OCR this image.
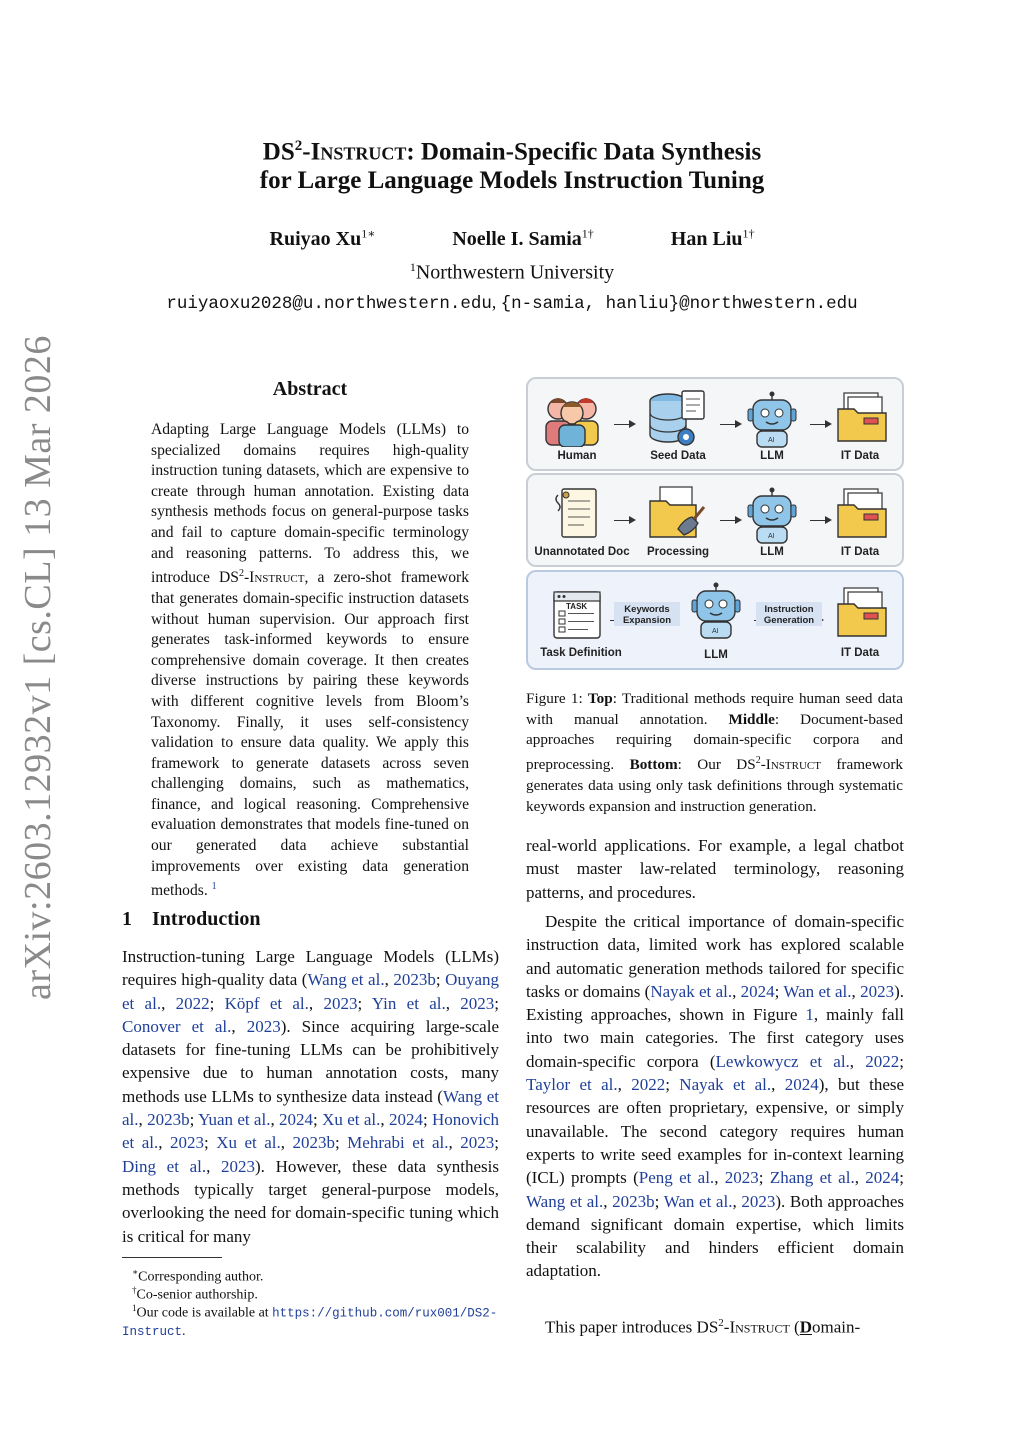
arXiv:2603.12932v1 [cs.CL] 13 Mar 2026
$DS^2$-Instruct: Domain-Specific Data Synthesis
for Large Language Models Instruction Tuning
Ruiyao $Xu^{1∗}$	Noelle I. Samia$^{1\dagger}$	Han Liu$^{1\dagger}$
$^1$Northwestern University
ruiyaoxu2028@u.northwestern.edu, {n-samia, hanliu}@northwestern.edu
Abstract
Adapting Large Language Models (LLMs) to specialized domains requires high-quality instruction tuning datasets, which are expensive to create through human annotation. Existing data synthesis methods focus on general-purpose tasks and fail to capture domain-specific terminology and reasoning patterns. To address this, we introduce $DS^2$-Instruct, a zero-shot framework that generates domain-specific instruction datasets without human supervision. Our approach first generates task-informed keywords to ensure comprehensive domain coverage. It then creates diverse instructions by pairing these keywords with different cognitive levels from Bloom’s Taxonomy. Finally, it uses self-consistency validation to ensure data quality. We apply this framework to generate datasets across seven challenging domains, such as mathematics, finance, and logical reasoning. Comprehensive evaluation demonstrates that models fine-tuned on our generated data achieve substantial improvements over existing data generation methods. $^1$
1 Introduction
Instruction-tuning Large Language Models (LLMs) requires high-quality data (Wang et al., 2023b; Ouyang et al., 2022; Köpf et al., 2023; Yin et al., 2023; Conover et al., 2023). Since acquiring large-scale datasets for fine-tuning LLMs can be prohibitively expensive due to human annotation costs, many methods use LLMs to synthesize data instead (Wang et al., 2023b; Yuan et al., 2024; Xu et al., 2024; Honovich et al., 2023; Xu et al., 2023b; Mehrabi et al., 2023; Ding et al., 2023). However, these data synthesis methods typically target general-purpose models, overlooking the need for domain-specific tuning which is critical for many
∗Corresponding author.
†Co-senior authorship.
$^1$Our code is available at https://github.com/rux001/DS2-Instruct.
AI
Human	Seed Data	LLM	IT Data
AI
Unannotated Doc	Processing	LLM	IT Data
TASK	Keywords
Expansion
AI
Instruction
Generation
Task Definition	LLM	IT Data
Figure 1: Top: Traditional methods require human seed data with manual annotation. Middle: Document-based approaches requiring domain-specific corpora and preprocessing. Bottom: Our $DS^2$-Instruct framework generates data using only task definitions through systematic keywords expansion and instruction generation.
real-world applications. For example, a legal chatbot must master law-related terminology, reasoning patterns, and procedures.
Despite the critical importance of domain-specific instruction data, limited work has explored scalable and automatic generation methods tailored for specific tasks or domains (Nayak et al., 2024; Wan et al., 2023). Existing approaches, shown in Figure 1, mainly fall into two main categories. The first category uses domain-specific corpora (Lewkowycz et al., 2022; Taylor et al., 2022; Nayak et al., 2024), but these resources are often proprietary, expensive, or simply unavailable. The second category requires human experts to write seed examples for in-context learning (ICL) prompts (Peng et al., 2023; Zhang et al., 2024; Wang et al., 2023b; Wan et al., 2023). Both approaches demand significant domain expertise, which limits their scalability and hinders efficient domain adaptation.
This paper introduces $DS^2$-Instruct (Domain-
